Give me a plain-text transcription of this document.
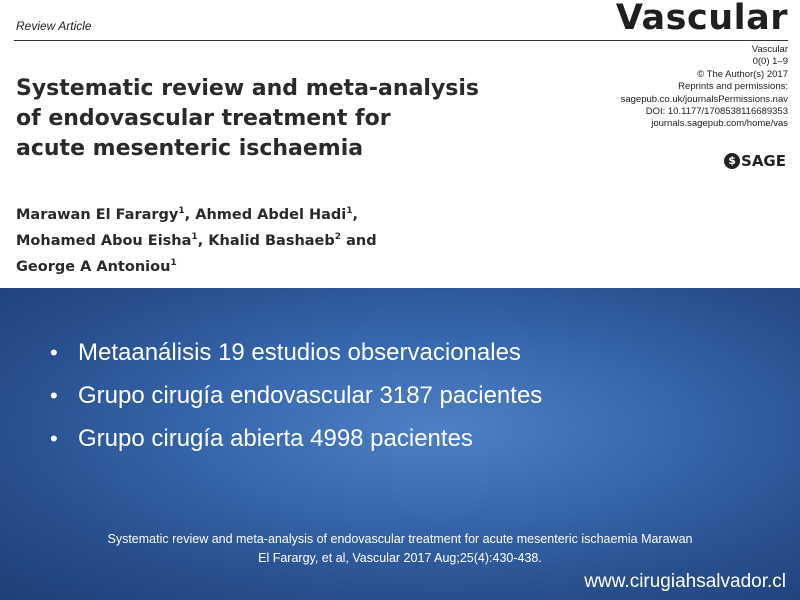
Review Article	Vascular
Systematic review and meta-analysis
of endovascular treatment for
acute mesenteric ischaemia
Vascular
0(0) 1–9
© The Author(s) 2017
Reprints and permissions:
sagepub.co.uk/journalsPermissions.nav
DOI: 10.1177/1708538116689353
journals.sagepub.com/home/vas
$ SAGE
Marawan El Farargy$^1$, Ahmed Abdel Hadi$^1$,
Mohamed Abou Eisha$^1$, Khalid Bashaeb$^2$ and
George A Antoniou$^1$
• Metaanálisis 19 estudios observacionales
• Grupo cirugía endovascular 3187 pacientes
• Grupo cirugía abierta 4998 pacientes
Systematic review and meta-analysis of endovascular treatment for acute mesenteric ischaemia Marawan
El Farargy, et al, Vascular 2017 Aug;25(4):430-438.
www.cirugiahsalvador.cl
